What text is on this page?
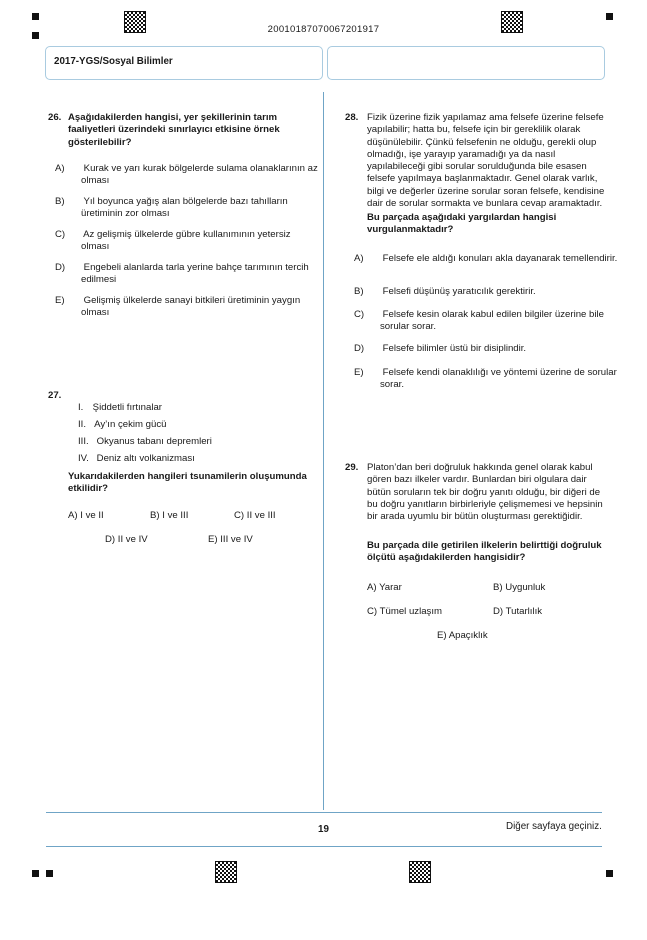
20010187070067201917
2017-YGS/Sosyal Bilimler
26. Aşağıdakilerden hangisi, yer şekillerinin tarım faaliyetleri üzerindeki sınırlayıcı etkisine örnek gösterilebilir?
A) Kurak ve yarı kurak bölgelerde sulama olanaklarının az olması
B) Yıl boyunca yağış alan bölgelerde bazı tahılların üretiminin zor olması
C) Az gelişmiş ülkelerde gübre kullanımının yetersiz olması
D) Engebeli alanlarda tarla yerine bahçe tarımının tercih edilmesi
E) Gelişmiş ülkelerde sanayi bitkileri üretiminin yaygın olması
27.
I. Şiddetli fırtınalar
II. Ay’ın çekim gücü
III. Okyanus tabanı depremleri
IV. Deniz altı volkanizması
Yukarıdakilerden hangileri tsunamilerin oluşumunda etkilidir?
A) I ve II	B) I ve III	C) II ve III
D) II ve IV	E) III ve IV
28. Fizik üzerine fizik yapılamaz ama felsefe üzerine felsefe yapılabilir; hatta bu, felsefe için bir gereklilik olarak düşünülebilir. Çünkü felsefenin ne olduğu, gerekli olup olmadığı, işe yarayıp yaramadığı ya da nasıl yapılabileceği gibi sorular sorulduğunda bile esasen felsefe yapılmaya başlanmaktadır. Genel olarak varlık, bilgi ve değerler üzerine sorular soran felsefe, kendisine dair de sorular sormakta ve bunlara cevap aramaktadır.
Bu parçada aşağıdaki yargılardan hangisi vurgulanmaktadır?
A) Felsefe ele aldığı konuları akla dayanarak temellendirir.
B) Felsefi düşünüş yaratıcılık gerektirir.
C) Felsefe kesin olarak kabul edilen bilgiler üzerine bile sorular sorar.
D) Felsefe bilimler üstü bir disiplindir.
E) Felsefe kendi olanaklılığı ve yöntemi üzerine de sorular sorar.
29. Platon’dan beri doğruluk hakkında genel olarak kabul gören bazı ilkeler vardır. Bunlardan biri olgulara dair bütün soruların tek bir doğru yanıtı olduğu, bir diğeri de bu doğru yanıtların birbirleriyle çelişmemesi ve hepsinin bir arada uyumlu bir bütün oluşturması gerektiğidir.
Bu parçada dile getirilen ilkelerin belirttiği doğruluk ölçütü aşağıdakilerden hangisidir?
A) Yarar	B) Uygunluk
C) Tümel uzlaşım	D) Tutarlılık
E) Apaçıklık
Diğer sayfaya geçiniz.
19
